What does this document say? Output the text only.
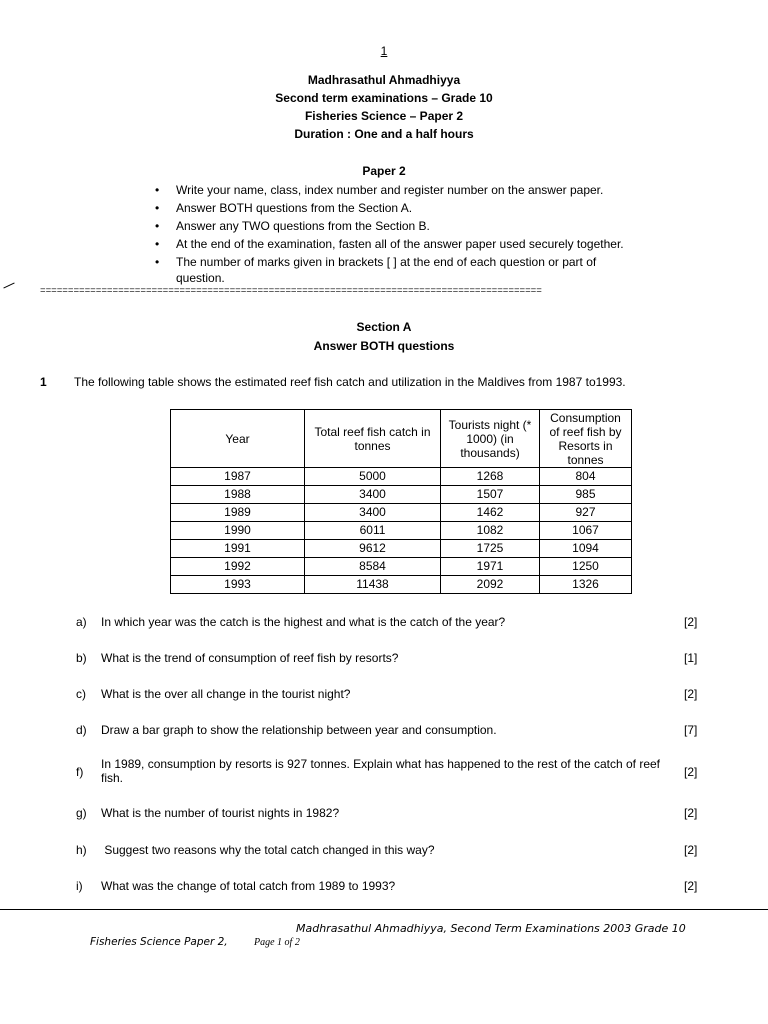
1
Madhrasathul Ahmadhiyya
Second term examinations – Grade 10
Fisheries Science – Paper 2
Duration : One and a half hours
Paper 2
• Write your name, class, index number and register number on the answer paper.
• Answer BOTH questions from the Section A.
• Answer any TWO questions from the Section B.
• At the end of the examination, fasten all of the answer paper used securely together.
• The number of marks given in brackets [ ] at the end of each question or part of question.
==========================================================================================
Section A
Answer BOTH questions
1 The following table shows the estimated reef fish catch and utilization in the Maldives from 1987 to1993.
Year	Total reef fish catch in tonnes	Tourists night (* 1000) (in thousands)	Consumption of reef fish by Resorts in tonnes
1987	5000	1268	804
1988	3400	1507	985
1989	3400	1462	927
1990	6011	1082	1067
1991	9612	1725	1094
1992	8584	1971	1250
1993	11438	2092	1326
a) In which year was the catch is the highest and what is the catch of the year?	[2]
b) What is the trend of consumption of reef fish by resorts?	[1]
c) What is the over all change in the tourist night?	[2]
d) Draw a bar graph to show the relationship between year and consumption.	[7]
f)
In 1989, consumption by resorts is 927 tonnes. Explain what has happened to the rest of the catch of reef fish.	[2]
g) What is the number of tourist nights in 1982?	[2]
h) Suggest two reasons why the total catch changed in this way?	[2]
i) What was the change of total catch from 1989 to 1993?	[2]
Madhrasathul Ahmadhiyya, Second Term Examinations 2003 Grade 10
Fisheries Science Paper 2,	Page 1 of 2
